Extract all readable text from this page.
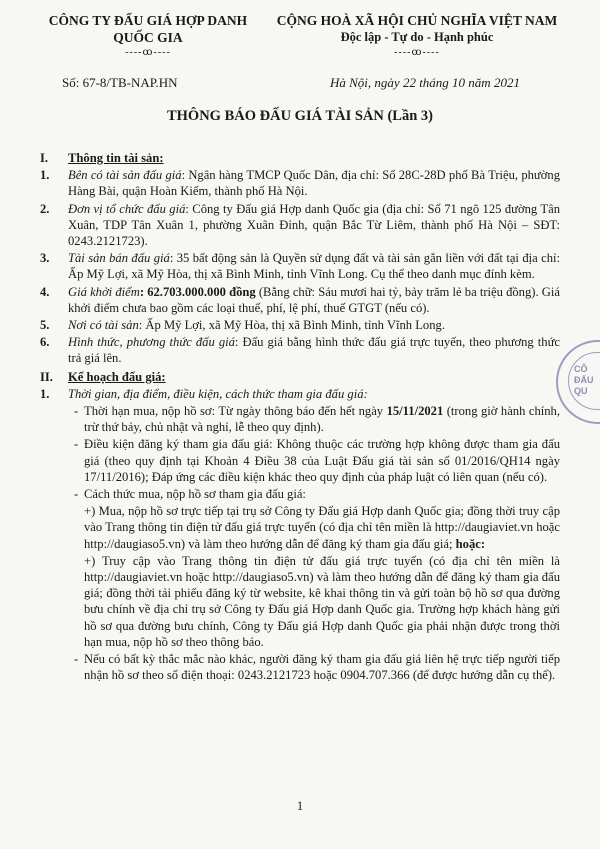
CÔNG TY ĐẤU GIÁ HỢP DANH
QUỐC GIA
----ꝏ----
CỘNG HOÀ XÃ HỘI CHỦ NGHĨA VIỆT NAM
Độc lập - Tự do - Hạnh phúc
----ꝏ----
Số: 67-8/TB-NAP.HN	Hà Nội, ngày 22 tháng 10 năm 2021
THÔNG BÁO ĐẤU GIÁ TÀI SẢN (Lần 3)
I. Thông tin tài sản:
1. Bên có tài sản đấu giá: Ngân hàng TMCP Quốc Dân, địa chỉ: Số 28C-28D phố Bà Triệu, phường Hàng Bài, quận Hoàn Kiếm, thành phố Hà Nội.
2. Đơn vị tổ chức đấu giá: Công ty Đấu giá Hợp danh Quốc gia (địa chỉ: Số 71 ngõ 125 đường Tân Xuân, TDP Tân Xuân 1, phường Xuân Đỉnh, quận Bắc Từ Liêm, thành phố Hà Nội – SĐT: 0243.2121723).
3. Tài sản bán đấu giá: 35 bất động sản là Quyền sử dụng đất và tài sản gắn liền với đất tại địa chỉ: Ấp Mỹ Lợi, xã Mỹ Hòa, thị xã Bình Minh, tỉnh Vĩnh Long. Cụ thể theo danh mục đính kèm.
4. Giá khởi điểm: 62.703.000.000 đồng (Bằng chữ: Sáu mươi hai tỷ, bảy trăm lẻ ba triệu đồng). Giá khởi điểm chưa bao gồm các loại thuế, phí, lệ phí, thuế GTGT (nếu có).
5. Nơi có tài sản: Ấp Mỹ Lợi, xã Mỹ Hòa, thị xã Bình Minh, tỉnh Vĩnh Long.
6. Hình thức, phương thức đấu giá: Đấu giá bằng hình thức đấu giá trực tuyến, theo phương thức trả giá lên.
II. Kế hoạch đấu giá:
1. Thời gian, địa điểm, điều kiện, cách thức tham gia đấu giá:
- Thời hạn mua, nộp hồ sơ: Từ ngày thông báo đến hết ngày 15/11/2021 (trong giờ hành chính, trừ thứ bảy, chủ nhật và nghỉ, lễ theo quy định).
- Điều kiện đăng ký tham gia đấu giá: Không thuộc các trường hợp không được tham gia đấu giá (theo quy định tại Khoản 4 Điều 38 của Luật Đấu giá tài sản số 01/2016/QH14 ngày 17/11/2016); Đáp ứng các điều kiện khác theo quy định của pháp luật có liên quan (nếu có).
- Cách thức mua, nộp hồ sơ tham gia đấu giá:
+) Mua, nộp hồ sơ trực tiếp tại trụ sở Công ty Đấu giá Hợp danh Quốc gia; đồng thời truy cập vào Trang thông tin điện tử đấu giá trực tuyến (có địa chỉ tên miền là http://daugiaviet.vn hoặc http://daugiaso5.vn) và làm theo hướng dẫn để đăng ký tham gia đấu giá; hoặc:
+) Truy cập vào Trang thông tin điện tử đấu giá trực tuyến (có địa chỉ tên miền là http://daugiaviet.vn hoặc http://daugiaso5.vn) và làm theo hướng dẫn để đăng ký tham gia đấu giá; đồng thời tải phiếu đăng ký từ website, kê khai thông tin và gửi toàn bộ hồ sơ qua đường bưu chính về địa chỉ trụ sở Công ty Đấu giá Hợp danh Quốc gia. Trường hợp khách hàng gửi hồ sơ qua đường bưu chính, Công ty Đấu giá Hợp danh Quốc gia phải nhận được trong thời hạn mua, nộp hồ sơ theo thông báo.
- Nếu có bất kỳ thắc mắc nào khác, người đăng ký tham gia đấu giá liên hệ trực tiếp người tiếp nhận hồ sơ theo số điện thoại: 0243.2121723 hoặc 0904.707.366 (để được hướng dẫn cụ thể).
CÔ
ĐẤU
QU
1
